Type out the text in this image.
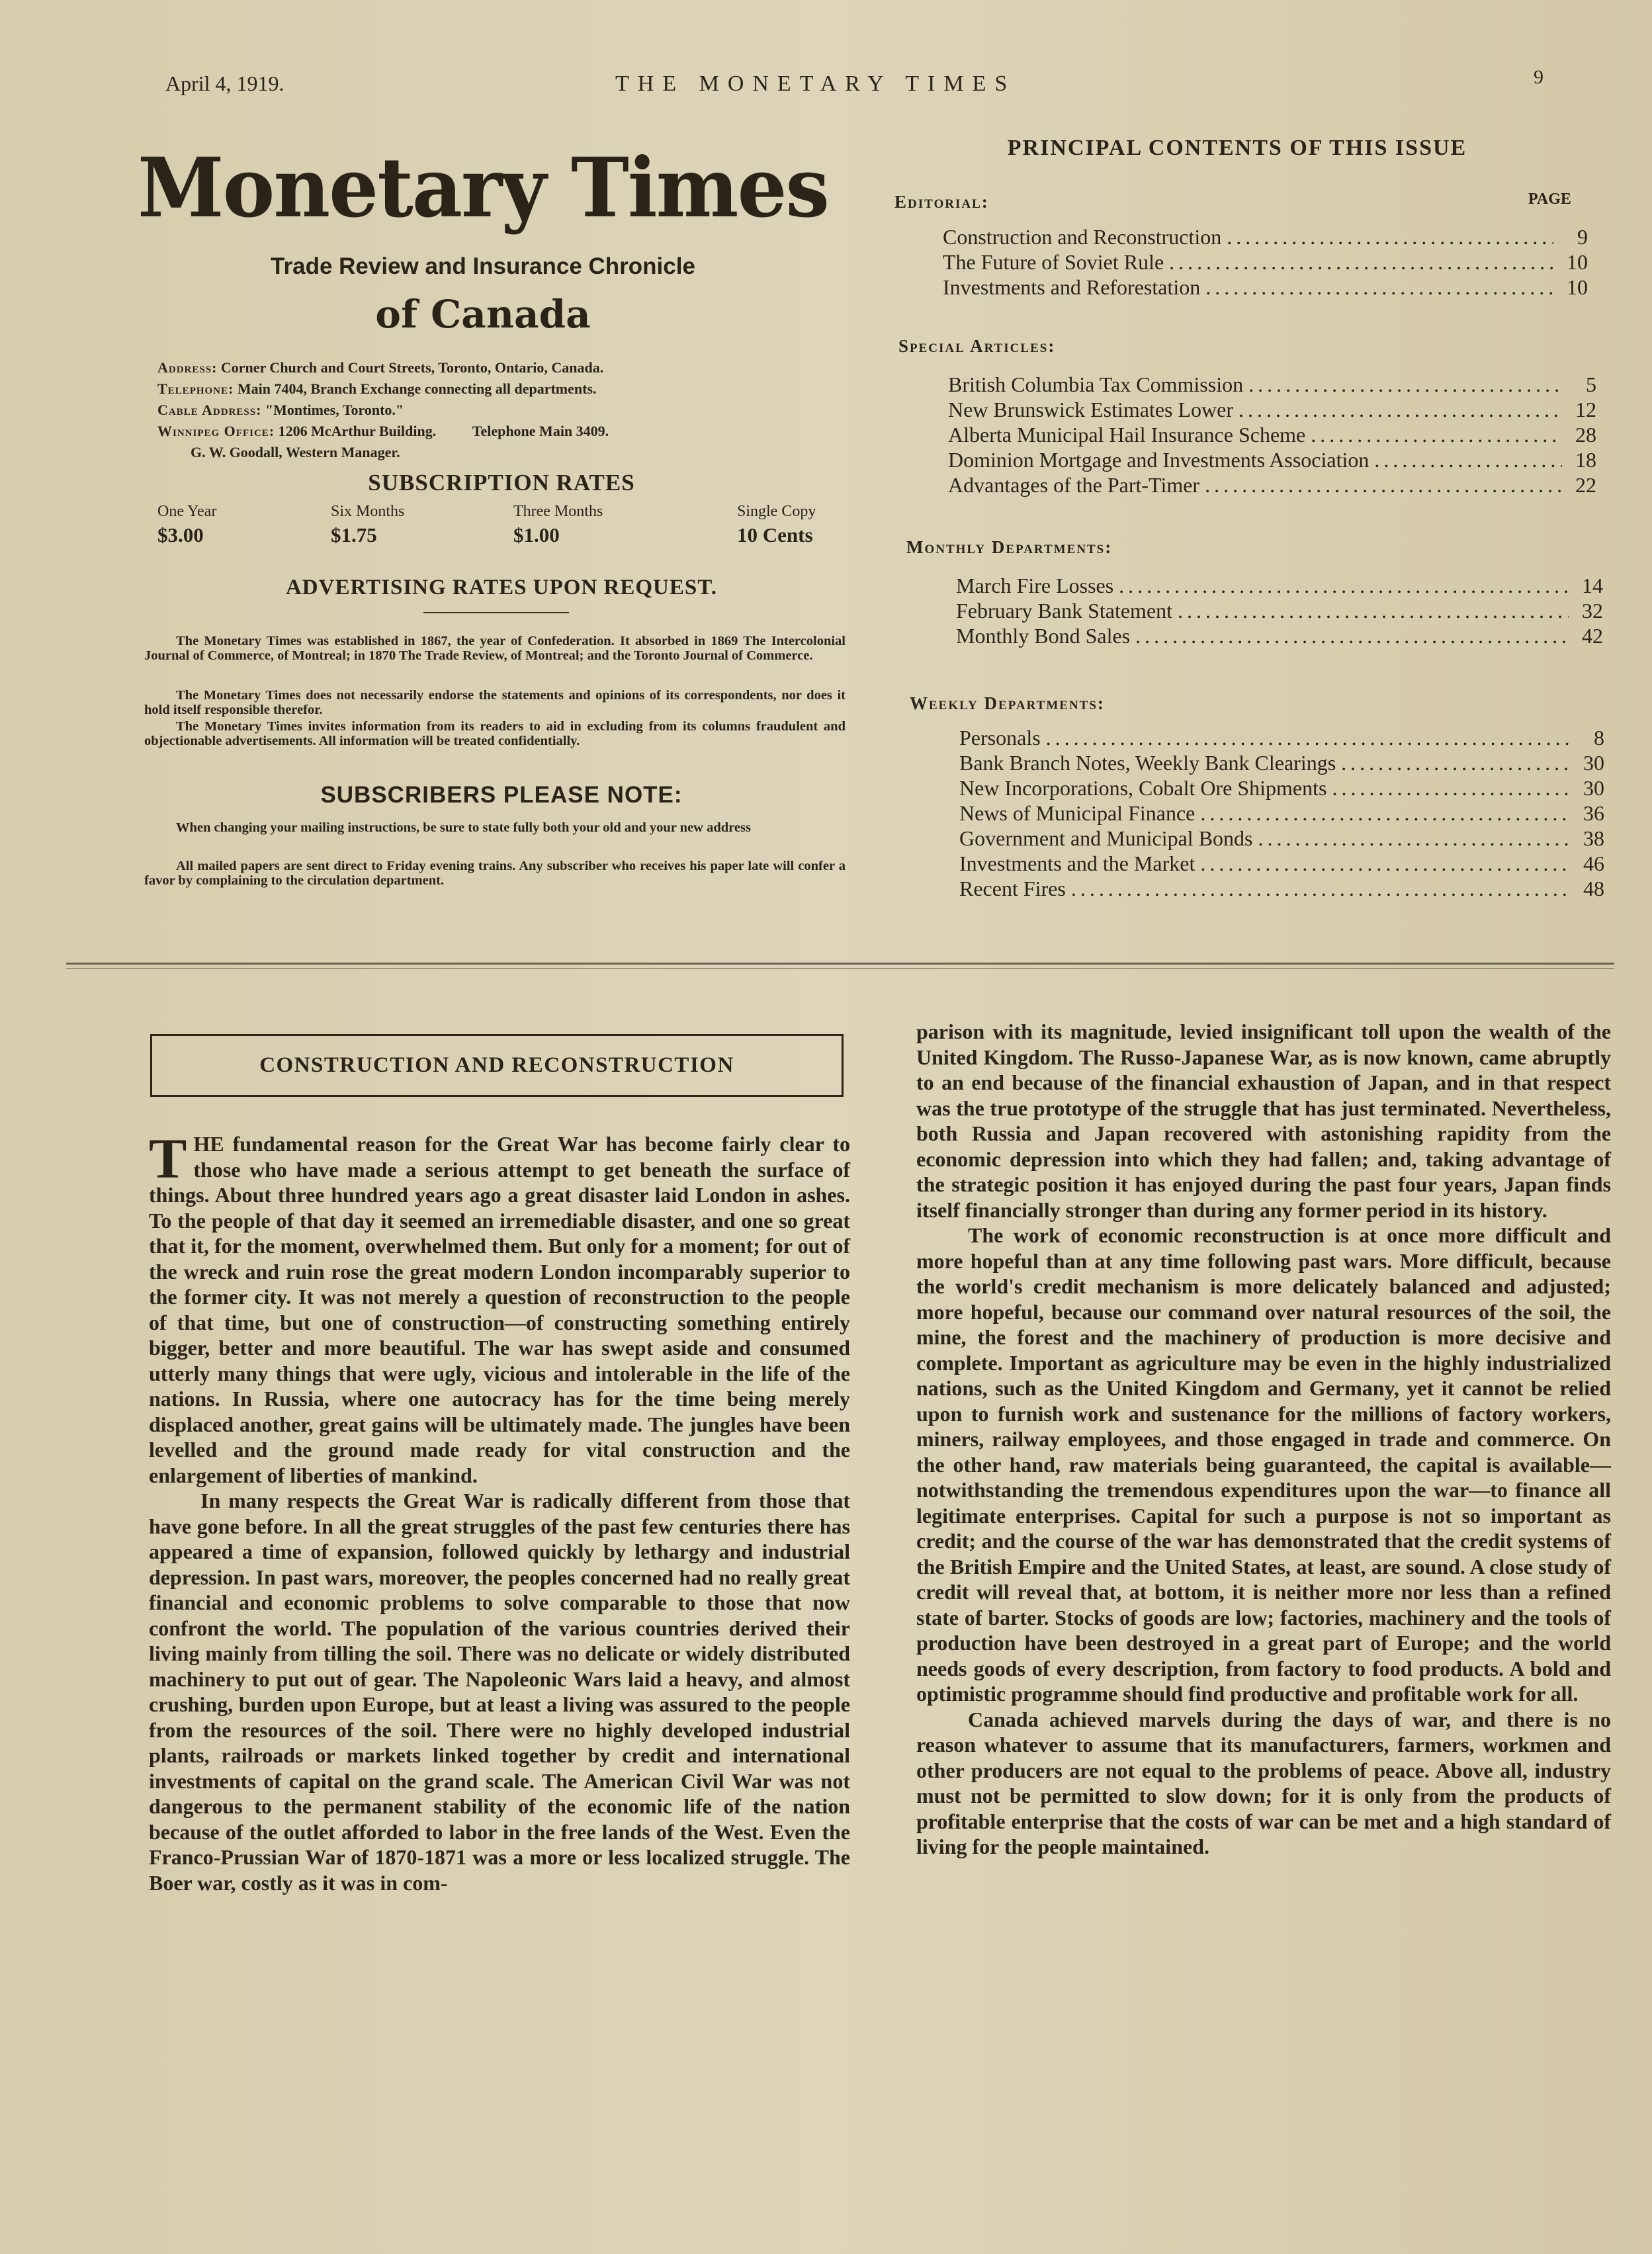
April 4, 1919.	THE MONETARY TIMES	9
Monetary Times
Trade Review and Insurance Chronicle
of Canada
Address: Corner Church and Court Streets, Toronto, Ontario, Canada.
Telephone: Main 7404, Branch Exchange connecting all departments.
Cable Address: "Montimes, Toronto."
Winnipeg Office: 1206 McArthur Building.          Telephone Main 3409.
G. W. Goodall, Western Manager.
SUBSCRIPTION RATES
One Year
$3.00
Six Months
$1.75
Three Months
$1.00
Single Copy
10 Cents
ADVERTISING RATES UPON REQUEST.
The Monetary Times was established in 1867, the year of Confederation. It absorbed in 1869 The Intercolonial Journal of Commerce, of Montreal; in 1870 The Trade Review, of Montreal; and the Toronto Journal of Commerce.
The Monetary Times does not necessarily endorse the statements and opinions of its correspondents, nor does it hold itself responsible therefor.
The Monetary Times invites information from its readers to aid in excluding from its columns fraudulent and objectionable advertisements. All information will be treated confidentially.
SUBSCRIBERS PLEASE NOTE:
When changing your mailing instructions, be sure to state fully both your old and your new address
All mailed papers are sent direct to Friday evening trains. Any subscriber who receives his paper late will confer a favor by complaining to the circulation department.
PRINCIPAL CONTENTS OF THIS ISSUE
PAGE
Editorial:
Construction and Reconstruction .....	9
The Future of Soviet Rule .....	10
Investments and Reforestation .....	10
Special Articles:
British Columbia Tax Commission .....	5
New Brunswick Estimates Lower .....	12
Alberta Municipal Hail Insurance Scheme .....	28
Dominion Mortgage and Investments Association .....	18
Advantages of the Part-Timer .....	22
Monthly Departments:
March Fire Losses .....	14
February Bank Statement .....	32
Monthly Bond Sales .....	42
Weekly Departments:
Personals .....	8
Bank Branch Notes, Weekly Bank Clearings .....	30
New Incorporations, Cobalt Ore Shipments .....	30
News of Municipal Finance .....	36
Government and Municipal Bonds .....	38
Investments and the Market .....	46
Recent Fires .....	48
CONSTRUCTION AND RECONSTRUCTION

THE fundamental reason for the Great War has become fairly clear to those who have made a serious attempt to get beneath the surface of things. About three hundred years ago a great disaster laid London in ashes. To the people of that day it seemed an irremediable disaster, and one so great that it, for the moment, overwhelmed them. But only for a moment; for out of the wreck and ruin rose the great modern London incomparably superior to the former city. It was not merely a question of reconstruction to the people of that time, but one of construction—of constructing something entirely bigger, better and more beautiful. The war has swept aside and consumed utterly many things that were ugly, vicious and intolerable in the life of the nations. In Russia, where one autocracy has for the time being merely displaced another, great gains will be ultimately made. The jungles have been levelled and the ground made ready for vital construction and the enlargement of liberties of mankind.

In many respects the Great War is radically different from those that have gone before. In all the great struggles of the past few centuries there has appeared a time of expansion, followed quickly by lethargy and industrial depression. In past wars, moreover, the peoples concerned had no really great financial and economic problems to solve comparable to those that now confront the world. The population of the various countries derived their living mainly from tilling the soil. There was no delicate or widely distributed machinery to put out of gear. The Napoleonic Wars laid a heavy, and almost crushing, burden upon Europe, but at least a living was assured to the people from the resources of the soil. There were no highly developed industrial plants, railroads or markets linked together by credit and international investments of capital on the grand scale. The American Civil War was not dangerous to the permanent stability of the economic life of the nation because of the outlet afforded to labor in the free lands of the West. Even the Franco-Prussian War of 1870-1871 was a more or less localized struggle. The Boer war, costly as it was in com-

parison with its magnitude, levied insignificant toll upon the wealth of the United Kingdom. The Russo-Japanese War, as is now known, came abruptly to an end because of the financial exhaustion of Japan, and in that respect was the true prototype of the struggle that has just terminated. Nevertheless, both Russia and Japan recovered with astonishing rapidity from the economic depression into which they had fallen; and, taking advantage of the strategic position it has enjoyed during the past four years, Japan finds itself financially stronger than during any former period in its history.

The work of economic reconstruction is at once more difficult and more hopeful than at any time following past wars. More difficult, because the world's credit mechanism is more delicately balanced and adjusted; more hopeful, because our command over natural resources of the soil, the mine, the forest and the machinery of production is more decisive and complete. Important as agriculture may be even in the highly industrialized nations, such as the United Kingdom and Germany, yet it cannot be relied upon to furnish work and sustenance for the millions of factory workers, miners, railway employees, and those engaged in trade and commerce. On the other hand, raw materials being guaranteed, the capital is available—notwithstanding the tremendous expenditures upon the war—to finance all legitimate enterprises. Capital for such a purpose is not so important as credit; and the course of the war has demonstrated that the credit systems of the British Empire and the United States, at least, are sound. A close study of credit will reveal that, at bottom, it is neither more nor less than a refined state of barter. Stocks of goods are low; factories, machinery and the tools of production have been destroyed in a great part of Europe; and the world needs goods of every description, from factory to food products. A bold and optimistic programme should find productive and profitable work for all.

Canada achieved marvels during the days of war, and there is no reason whatever to assume that its manufacturers, farmers, workmen and other producers are not equal to the problems of peace. Above all, industry must not be permitted to slow down; for it is only from the products of profitable enterprise that the costs of war can be met and a high standard of living for the people maintained.
